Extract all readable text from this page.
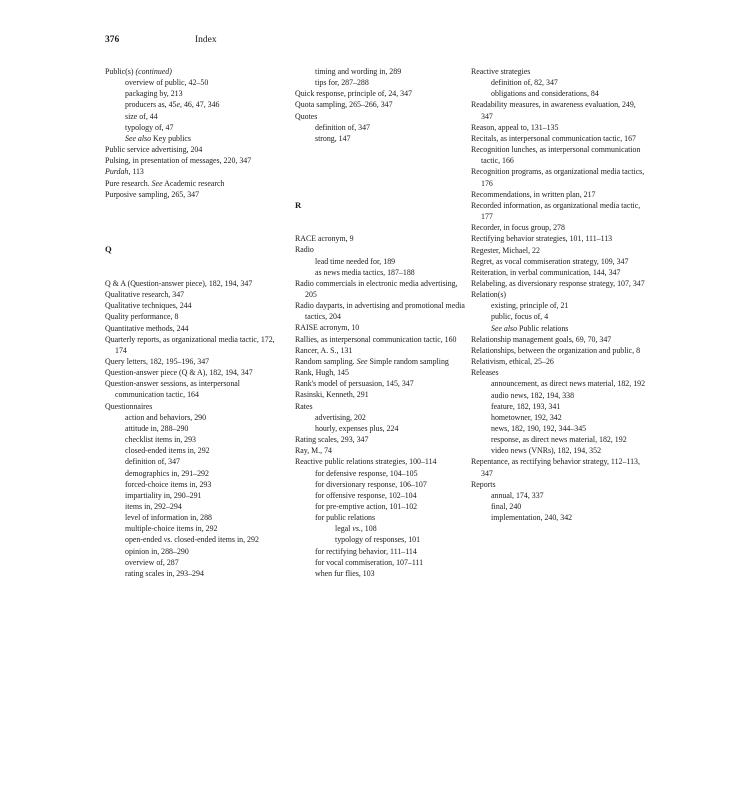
376	Index
Public(s) (continued)
overview of public, 42–50
packaging by, 213
producers as, 45e, 46, 47, 346
size of, 44
typology of, 47
See also Key publics
Public service advertising, 204
Pulsing, in presentation of messages, 220, 347
Purdah, 113
Pure research. See Academic research
Purposive sampling, 265, 347
Q
Q & A (Question-answer piece), 182, 194, 347
Qualitative research, 347
Qualitative techniques, 244
Quality performance, 8
Quantitative methods, 244
Quarterly reports, as organizational media tactic, 172, 174
Query letters, 182, 195–196, 347
Question-answer piece (Q & A), 182, 194, 347
Question-answer sessions, as interpersonal communication tactic, 164
Questionnaires
action and behaviors, 290
attitude in, 288–290
checklist items in, 293
closed-ended items in, 292
definition of, 347
demographics in, 291–292
forced-choice items in, 293
impartiality in, 290–291
items in, 292–294
level of information in, 288
multiple-choice items in, 292
open-ended vs. closed-ended items in, 292
opinion in, 288–290
overview of, 287
rating scales in, 293–294
timing and wording in, 289
tips for, 287–288
Quick response, principle of, 24, 347
Quota sampling, 265–266, 347
Quotes
definition of, 347
strong, 147
R
RACE acronym, 9
Radio
lead time needed for, 189
as news media tactics, 187–188
Radio commercials in electronic media advertising, 205
Radio dayparts, in advertising and promotional media tactics, 204
RAISE acronym, 10
Rallies, as interpersonal communication tactic, 160
Rancer, A. S., 131
Random sampling. See Simple random sampling
Rank, Hugh, 145
Rank's model of persuasion, 145, 347
Rasinski, Kenneth, 291
Rates
advertising, 202
hourly, expenses plus, 224
Rating scales, 293, 347
Ray, M., 74
Reactive public relations strategies, 100–114
for defensive response, 104–105
for diversionary response, 106–107
for offensive response, 102–104
for pre-emptive action, 101–102
for public relations
legal vs., 108
typology of responses, 101
for rectifying behavior, 111–114
for vocal commiseration, 107–111
when fur flies, 103
Reactive strategies
definition of, 82, 347
obligations and considerations, 84
Readability measures, in awareness evaluation, 249, 347
Reason, appeal to, 131–135
Recitals, as interpersonal communication tactic, 167
Recognition lunches, as interpersonal communication tactic, 166
Recognition programs, as organizational media tactics, 176
Recommendations, in written plan, 217
Recorded information, as organizational media tactic, 177
Recorder, in focus group, 278
Rectifying behavior strategies, 101, 111–113
Regester, Michael, 22
Regret, as vocal commiseration strategy, 109, 347
Reiteration, in verbal communication, 144, 347
Relabeling, as diversionary response strategy, 107, 347
Relation(s)
existing, principle of, 21
public, focus of, 4
See also Public relations
Relationship management goals, 69, 70, 347
Relationships, between the organization and public, 8
Relativism, ethical, 25–26
Releases
announcement, as direct news material, 182, 192
audio news, 182, 194, 338
feature, 182, 193, 341
hometowner, 192, 342
news, 182, 190, 192, 344–345
response, as direct news material, 182, 192
video news (VNRs), 182, 194, 352
Repentance, as rectifying behavior strategy, 112–113, 347
Reports
annual, 174, 337
final, 240
implementation, 240, 342
